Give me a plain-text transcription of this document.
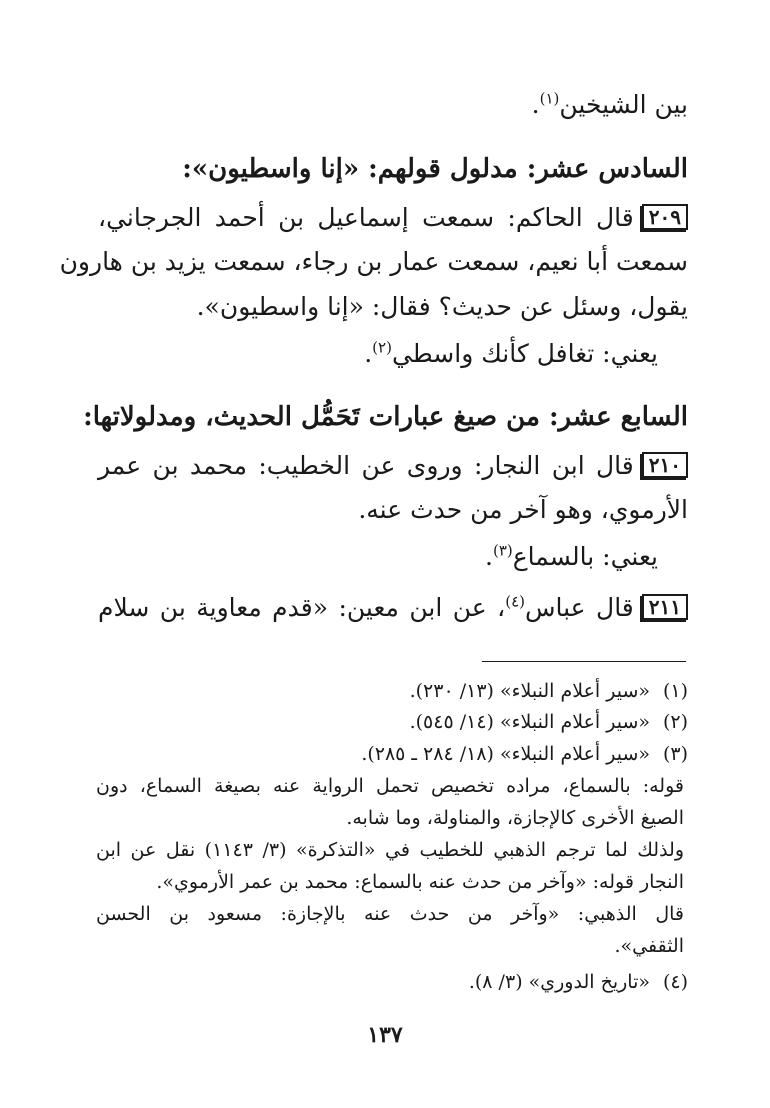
بين الشيخين$^{(١)}$.
السادس عشر: مدلول قولهم: «إنا واسطيون»:
٢٠٩قال الحاكم: سمعت إسماعيل بن أحمد الجرجاني،
سمعت أبا نعيم، سمعت عمار بن رجاء، سمعت يزيد بن هارون
يقول، وسئل عن حديث؟ فقال: «إنا واسطيون».
يعني: تغافل كأنك واسطي$^{(٢)}$.
السابع عشر: من صيغ عبارات تَحَمُّل الحديث، ومدلولاتها:
٢١٠قال ابن النجار: وروى عن الخطيب: محمد بن عمر
الأرموي، وهو آخر من حدث عنه.
يعني: بالسماع$^{(٣)}$.
٢١١قال عباس$^{(٤)}$، عن ابن معين: «قدم معاوية بن سلام
(١)«سير أعلام النبلاء» (١٣/ ٢٣٠).
(٢)«سير أعلام النبلاء» (١٤/ ٥٤٥).
(٣)«سير أعلام النبلاء» (١٨/ ٢٨٤ ـ ٢٨٥).
قوله: بالسماع، مراده تخصيص تحمل الرواية عنه بصيغة السماع، دون
الصيغ الأخرى كالإجازة، والمناولة، وما شابه.
ولذلك لما ترجم الذهبي للخطيب في «التذكرة» (٣/ ١١٤٣) نقل عن ابن
النجار قوله: «وآخر من حدث عنه بالسماع: محمد بن عمر الأرموي».
قال الذهبي: «وآخر من حدث عنه بالإجازة: مسعود بن الحسن
الثقفي».
(٤)«تاريخ الدوري» (٣/ ٨).
١٣٧
